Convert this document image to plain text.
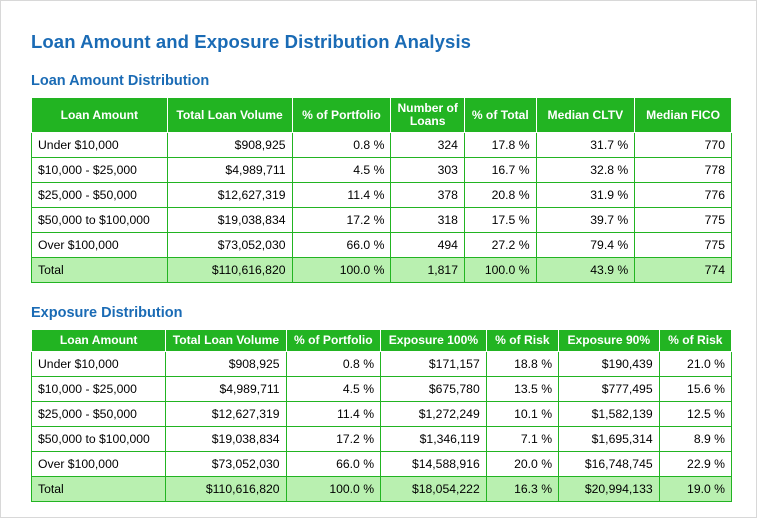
Loan Amount and Exposure Distribution Analysis
Loan Amount Distribution
Loan Amount	Total Loan Volume	% of Portfolio	Number of Loans	% of Total	Median CLTV	Median FICO
Under $10,000	$908,925	0.8 %	324	17.8 %	31.7 %	770
$10,000 - $25,000	$4,989,711	4.5 %	303	16.7 %	32.8 %	778
$25,000 - $50,000	$12,627,319	11.4 %	378	20.8 %	31.9 %	776
$50,000 to $100,000	$19,038,834	17.2 %	318	17.5 %	39.7 %	775
Over $100,000	$73,052,030	66.0 %	494	27.2 %	79.4 %	775
Total	$110,616,820	100.0 %	1,817	100.0 %	43.9 %	774
Exposure Distribution
Loan Amount	Total Loan Volume	% of Portfolio	Exposure 100%	% of Risk	Exposure 90%	% of Risk
Under $10,000	$908,925	0.8 %	$171,157	18.8 %	$190,439	21.0 %
$10,000 - $25,000	$4,989,711	4.5 %	$675,780	13.5 %	$777,495	15.6 %
$25,000 - $50,000	$12,627,319	11.4 %	$1,272,249	10.1 %	$1,582,139	12.5 %
$50,000 to $100,000	$19,038,834	17.2 %	$1,346,119	7.1 %	$1,695,314	8.9 %
Over $100,000	$73,052,030	66.0 %	$14,588,916	20.0 %	$16,748,745	22.9 %
Total	$110,616,820	100.0 %	$18,054,222	16.3 %	$20,994,133	19.0 %
